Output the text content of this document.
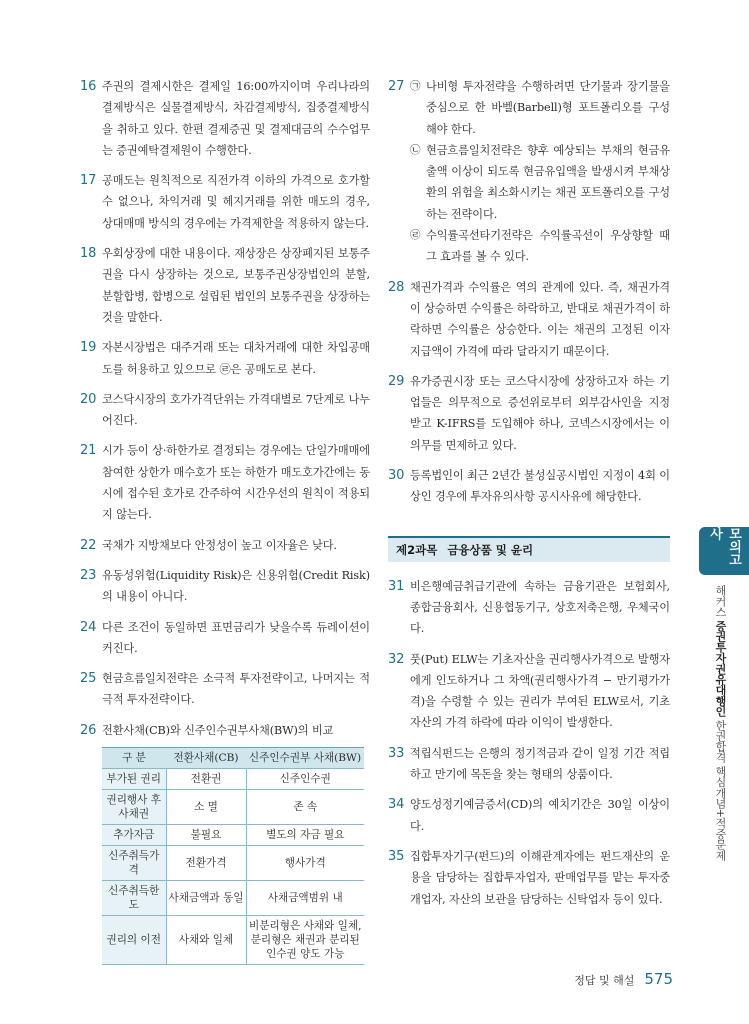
16 주권의 결제시한은 결제일 16:00까지이며 우리나라의 결제방식은 실물결제방식, 차감결제방식, 집중결제방식을 취하고 있다. 한편 결제증권 및 결제대금의 수수업무는 증권예탁결제원이 수행한다.
17 공매도는 원칙적으로 직전가격 이하의 가격으로 호가할 수 없으나, 차익거래 및 헤지거래를 위한 매도의 경우, 상대매매 방식의 경우에는 가격제한을 적용하지 않는다.
18 우회상장에 대한 내용이다. 재상장은 상장폐지된 보통주권을 다시 상장하는 것으로, 보통주권상장법인의 분할, 분할합병, 합병으로 설립된 법인의 보통주권을 상장하는 것을 말한다.
19 자본시장법은 대주거래 또는 대차거래에 대한 차입공매도를 허용하고 있으므로 ㉣은 공매도로 본다.
20 코스닥시장의 호가가격단위는 가격대별로 7단계로 나누어진다.
21 시가 등이 상·하한가로 결정되는 경우에는 단일가매매에 참여한 상한가 매수호가 또는 하한가 매도호가간에는 동시에 접수된 호가로 간주하여 시간우선의 원칙이 적용되지 않는다.
22 국채가 지방채보다 안정성이 높고 이자율은 낮다.
23 유동성위험(Liquidity Risk)은 신용위험(Credit Risk)의 내용이 아니다.
24 다른 조건이 동일하면 표면금리가 낮을수록 듀레이션이 커진다.
25 현금흐름일치전략은 소극적 투자전략이고, 나머지는 적극적 투자전략이다.
26 전환사채(CB)와 신주인수권부사채(BW)의 비교
구 분	전환사채(CB)	신주인수권부 사채(BW)
부가된 권리	전환권	신주인수권
권리행사 후 사채권	소 멸	존 속
추가자금	불필요	별도의 자금 필요
신주취득가격	전환가격	행사가격
신주취득한도	사채금액과 동일	사채금액범위 내
권리의 이전	사채와 일체	비분리형은 사채와 일체, 분리형은 채권과 분리된 인수권 양도 가능
27 ㉠ 나비형 투자전략을 수행하려면 단기물과 장기물을 중심으로 한 바벨(Barbell)형 포트폴리오를 구성해야 한다.
㉡ 현금흐름일치전략은 향후 예상되는 부채의 현금유출액 이상이 되도록 현금유입액을 발생시켜 부채상환의 위험을 최소화시키는 채권 포트폴리오를 구성하는 전략이다.
㉣ 수익률곡선타기전략은 수익률곡선이 우상향할 때 그 효과를 볼 수 있다.
28 채권가격과 수익률은 역의 관계에 있다. 즉, 채권가격이 상승하면 수익률은 하락하고, 반대로 채권가격이 하락하면 수익률은 상승한다. 이는 채권의 고정된 이자 지급액이 가격에 따라 달라지기 때문이다.
29 유가증권시장 또는 코스닥시장에 상장하고자 하는 기업들은 의무적으로 증선위로부터 외부감사인을 지정받고 K-IFRS를 도입해야 하나, 코넥스시장에서는 이 의무를 면제하고 있다.
30 등록법인이 최근 2년간 불성실공시법인 지정이 4회 이상인 경우에 투자유의사항 공시사유에 해당한다.
제2과목 금융상품 및 윤리
31 비은행예금취급기관에 속하는 금융기관은 보험회사, 종합금융회사, 신용협동기구, 상호저축은행, 우체국이다.
32 풋(Put) ELW는 기초자산을 권리행사가격으로 발행자에게 인도하거나 그 차액(권리행사가격 − 만기평가가격)을 수령할 수 있는 권리가 부여된 ELW로서, 기초자산의 가격 하락에 따라 이익이 발생한다.
33 적립식펀드는 은행의 정기적금과 같이 일정 기간 적립하고 만기에 목돈을 찾는 형태의 상품이다.
34 양도성정기예금증서(CD)의 예치기간은 30일 이상이다.
35 집합투자기구(펀드)의 이해관계자에는 펀드재산의 운용을 담당하는 집합투자업자, 판매업무를 맡는 투자중개업자, 자산의 보관을 담당하는 신탁업자 등이 있다.
모의고사
해커스 증권투자권유대행인 한권합격 핵심개념+적중문제
정답 및 해설 575
